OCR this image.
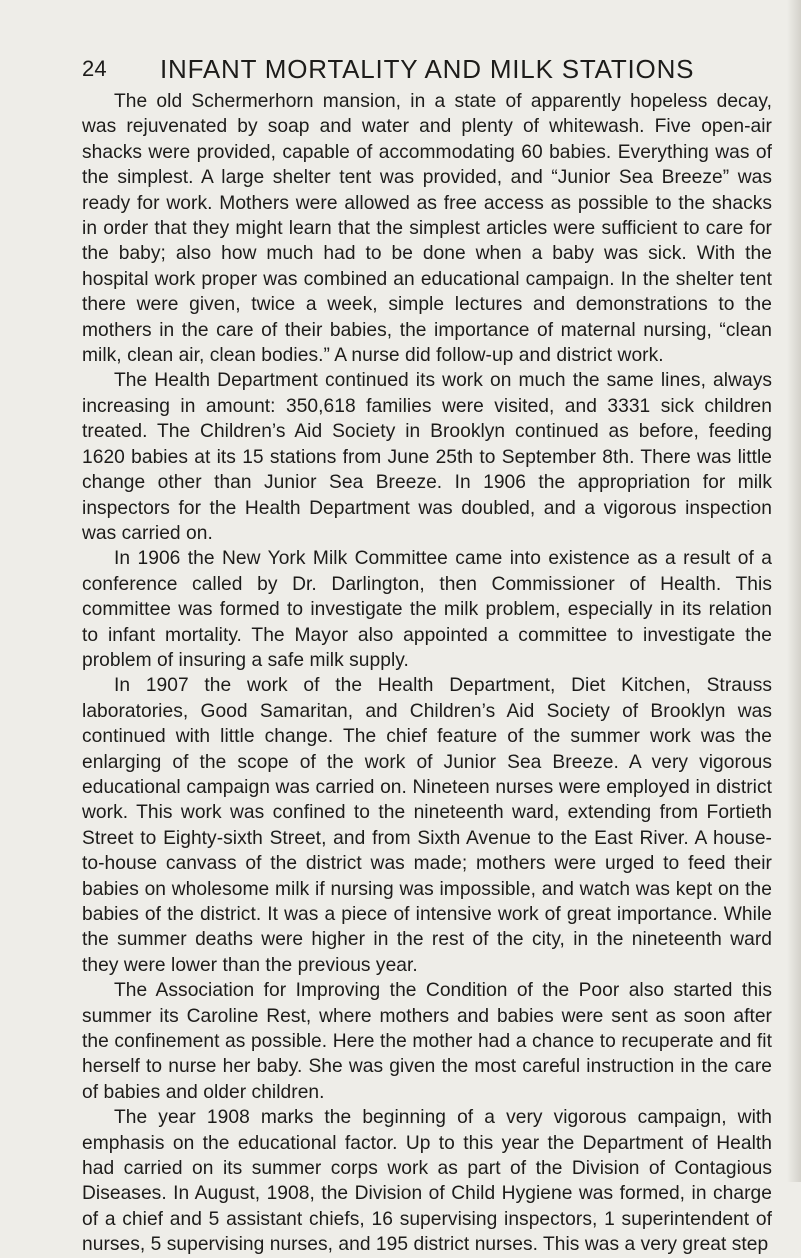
24 INFANT MORTALITY AND MILK STATIONS

The old Schermerhorn mansion, in a state of apparently hopeless decay, was rejuvenated by soap and water and plenty of whitewash. Five open-air shacks were provided, capable of accommodating 60 babies. Everything was of the simplest. A large shelter tent was provided, and “Junior Sea Breeze” was ready for work. Mothers were allowed as free access as possible to the shacks in order that they might learn that the simplest articles were sufficient to care for the baby; also how much had to be done when a baby was sick. With the hospital work proper was combined an educational campaign. In the shelter tent there were given, twice a week, simple lectures and demonstrations to the mothers in the care of their babies, the importance of maternal nursing, “clean milk, clean air, clean bodies.” A nurse did follow-up and district work.

The Health Department continued its work on much the same lines, always increasing in amount: 350,618 families were visited, and 3331 sick children treated. The Children’s Aid Society in Brooklyn continued as before, feeding 1620 babies at its 15 stations from June 25th to September 8th. There was little change other than Junior Sea Breeze. In 1906 the appropriation for milk inspectors for the Health Department was doubled, and a vigorous inspection was carried on.

In 1906 the New York Milk Committee came into existence as a result of a conference called by Dr. Darlington, then Commissioner of Health. This committee was formed to investigate the milk problem, especially in its relation to infant mortality. The Mayor also appointed a committee to investigate the problem of insuring a safe milk supply.

In 1907 the work of the Health Department, Diet Kitchen, Strauss laboratories, Good Samaritan, and Children’s Aid Society of Brooklyn was continued with little change. The chief feature of the summer work was the enlarging of the scope of the work of Junior Sea Breeze. A very vigorous educational campaign was carried on. Nineteen nurses were employed in district work. This work was confined to the nineteenth ward, extending from Fortieth Street to Eighty-sixth Street, and from Sixth Avenue to the East River. A house-to-house canvass of the district was made; mothers were urged to feed their babies on wholesome milk if nursing was impossible, and watch was kept on the babies of the district. It was a piece of intensive work of great importance. While the summer deaths were higher in the rest of the city, in the nineteenth ward they were lower than the previous year.

The Association for Improving the Condition of the Poor also started this summer its Caroline Rest, where mothers and babies were sent as soon after the confinement as possible. Here the mother had a chance to recuperate and fit herself to nurse her baby. She was given the most careful instruction in the care of babies and older children.

The year 1908 marks the beginning of a very vigorous campaign, with emphasis on the educational factor. Up to this year the Department of Health had carried on its summer corps work as part of the Division of Contagious Diseases. In August, 1908, the Division of Child Hygiene was formed, in charge of a chief and 5 assistant chiefs, 16 supervising inspectors, 1 superintendent of nurses, 5 supervising nurses, and 195 district nurses. This was a very great step
